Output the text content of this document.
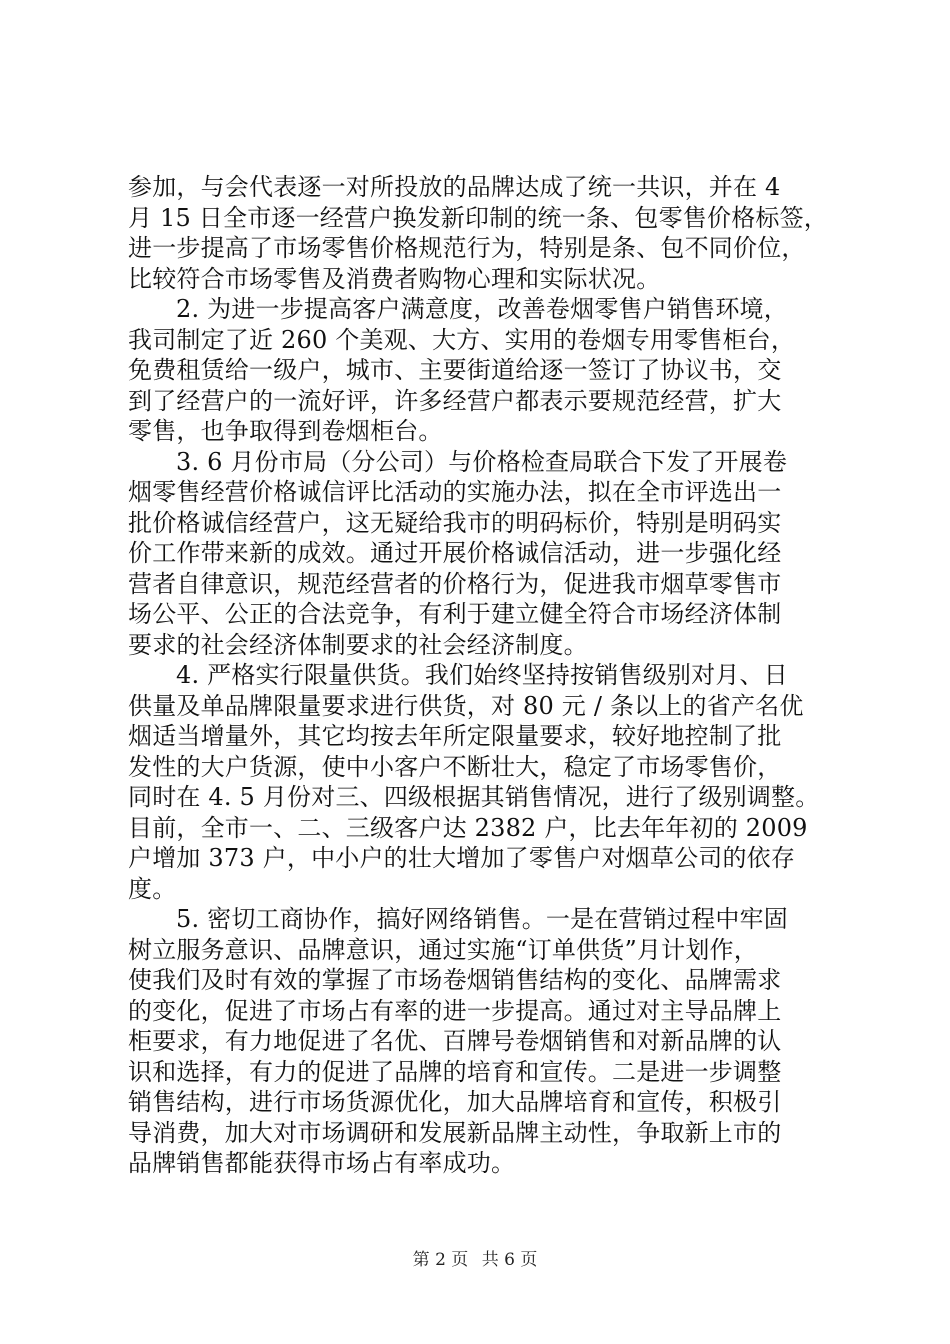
参加，与会代表逐一对所投放的品牌达成了统一共识，并在 4
月 15 日全市逐一经营户换发新印制的统一条、包零售价格标签，
进一步提高了市场零售价格规范行为，特别是条、包不同价位，
比较符合市场零售及消费者购物心理和实际状况。
2. 为进一步提高客户满意度，改善卷烟零售户销售环境，
我司制定了近 260 个美观、大方、实用的卷烟专用零售柜台，
免费租赁给一级户，城市、主要街道给逐一签订了协议书，交
到了经营户的一流好评，许多经营户都表示要规范经营，扩大
零售，也争取得到卷烟柜台。
3. 6 月份市局（分公司）与价格检查局联合下发了开展卷
烟零售经营价格诚信评比活动的实施办法，拟在全市评选出一
批价格诚信经营户，这无疑给我市的明码标价，特别是明码实
价工作带来新的成效。通过开展价格诚信活动，进一步强化经
营者自律意识，规范经营者的价格行为，促进我市烟草零售市
场公平、公正的合法竞争，有利于建立健全符合市场经济体制
要求的社会经济体制要求的社会经济制度。
4. 严格实行限量供货。我们始终坚持按销售级别对月、日
供量及单品牌限量要求进行供货，对 80 元 / 条以上的省产名优
烟适当增量外，其它均按去年所定限量要求，较好地控制了批
发性的大户货源，使中小客户不断壮大，稳定了市场零售价，
同时在 4. 5 月份对三、四级根据其销售情况，进行了级别调整。
目前，全市一、二、三级客户达 2382 户，比去年年初的 2009
户增加 373 户，中小户的壮大增加了零售户对烟草公司的依存
度。
5. 密切工商协作，搞好网络销售。一是在营销过程中牢固
树立服务意识、品牌意识，通过实施“订单供货”月计划作，
使我们及时有效的掌握了市场卷烟销售结构的变化、品牌需求
的变化，促进了市场占有率的进一步提高。通过对主导品牌上
柜要求，有力地促进了名优、百牌号卷烟销售和对新品牌的认
识和选择，有力的促进了品牌的培育和宣传。二是进一步调整
销售结构，进行市场货源优化，加大品牌培育和宣传，积极引
导消费，加大对市场调研和发展新品牌主动性，争取新上市的
品牌销售都能获得市场占有率成功。
第 2 页 共 6 页
